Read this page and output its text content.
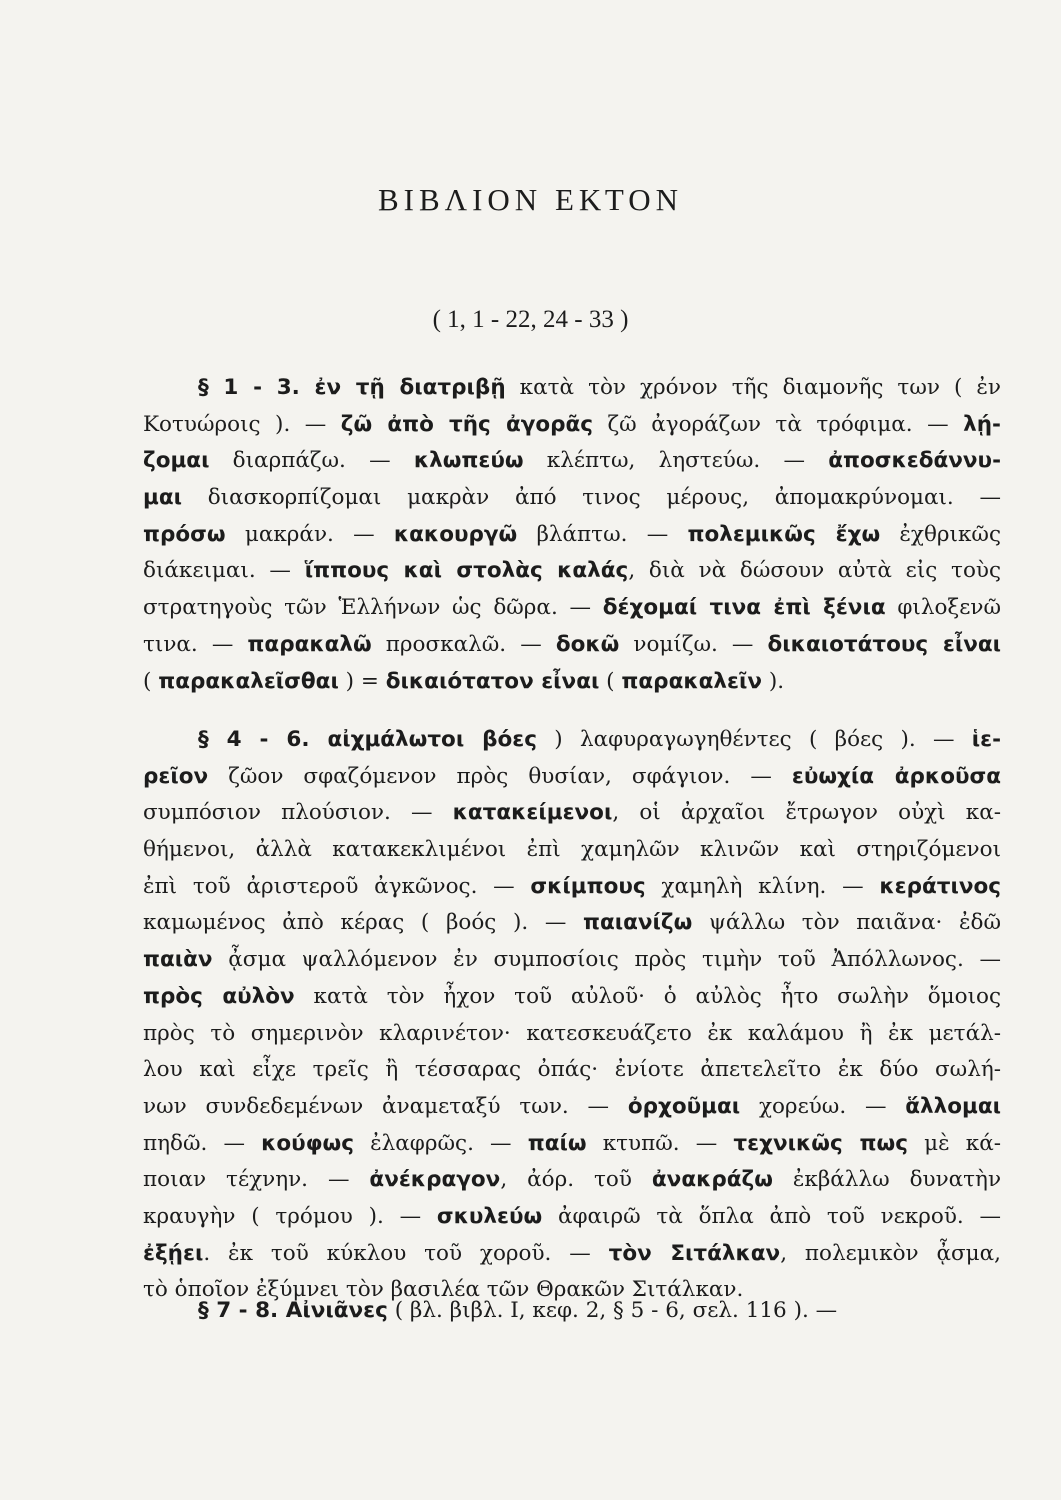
ΒΙΒΛΙΟΝ ΕΚΤΟΝ
( 1, 1 - 22, 24 - 33 )
§ 1 - 3. ἐν τῇ διατριβῇ κατὰ τὸν χρόνον τῆς διαμονῆς των ( ἐν
Κοτυώροις ). — ζῶ ἀπὸ τῆς ἀγορᾶς ζῶ ἀγοράζων τὰ τρόφιμα. — λῄ-
ζομαι διαρπάζω. — κλωπεύω κλέπτω, ληστεύω. — ἀποσκεδάννυ-
μαι διασκορπίζομαι μακρὰν ἀπό τινος μέρους, ἀπομακρύνομαι. —
πρόσω μακράν. — κακουργῶ βλάπτω. — πολεμικῶς ἔχω ἐχθρικῶς
διάκειμαι. — ἵππους καὶ στολὰς καλάς, διὰ νὰ δώσουν αὐτὰ εἰς τοὺς
στρατηγοὺς τῶν Ἑλλήνων ὡς δῶρα. — δέχομαί τινα ἐπὶ ξένια φιλοξενῶ
τινα. — παρακαλῶ προσκαλῶ. — δοκῶ νομίζω. — δικαιοτάτους εἶναι
( παρακαλεῖσθαι ) = δικαιότατον εἶναι ( παρακαλεῖν ).
§ 4 - 6. αἰχμάλωτοι βόες ) λαφυραγωγηθέντες ( βόες ). — ἱε-
ρεῖον ζῶον σφαζόμενον πρὸς θυσίαν, σφάγιον. — εὐωχία ἀρκοῦσα
συμπόσιον πλούσιον. — κατακείμενοι, οἱ ἀρχαῖοι ἔτρωγον οὐχὶ κα-
θήμενοι, ἀλλὰ κατακεκλιμένοι ἐπὶ χαμηλῶν κλινῶν καὶ στηριζόμενοι
ἐπὶ τοῦ ἀριστεροῦ ἀγκῶνος. — σκίμπους χαμηλὴ κλίνη. — κεράτινος
καμωμένος ἀπὸ κέρας ( βοός ). — παιανίζω ψάλλω τὸν παιᾶνα· ἐδῶ
παιὰν ᾆσμα ψαλλόμενον ἐν συμποσίοις πρὸς τιμὴν τοῦ Ἀπόλλωνος. —
πρὸς αὐλὸν κατὰ τὸν ἦχον τοῦ αὐλοῦ· ὁ αὐλὸς ἦτο σωλὴν ὅμοιος
πρὸς τὸ σημερινὸν κλαρινέτον· κατεσκευάζετο ἐκ καλάμου ἢ ἐκ μετάλ-
λου καὶ εἶχε τρεῖς ἢ τέσσαρας ὀπάς· ἐνίοτε ἀπετελεῖτο ἐκ δύο σωλή-
νων συνδεδεμένων ἀναμεταξύ των. — ὀρχοῦμαι χορεύω. — ἅλλομαι
πηδῶ. — κούφως ἐλαφρῶς. — παίω κτυπῶ. — τεχνικῶς πως μὲ κά-
ποιαν τέχνην. — ἀνέκραγον, ἀόρ. τοῦ ἀνακράζω ἐκβάλλω δυνατὴν
κραυγὴν ( τρόμου ). — σκυλεύω ἀφαιρῶ τὰ ὅπλα ἀπὸ τοῦ νεκροῦ. —
ἐξῄει. ἐκ τοῦ κύκλου τοῦ χοροῦ. — τὸν Σιτάλκαν, πολεμικὸν ᾆσμα,
τὸ ὁποῖον ἐξύμνει τὸν βασιλέα τῶν Θρακῶν Σιτάλκαν.
§ 7 - 8. Αἰνιᾶνες ( βλ. βιβλ. Ι, κεφ. 2, § 5 - 6, σελ. 116 ). —
